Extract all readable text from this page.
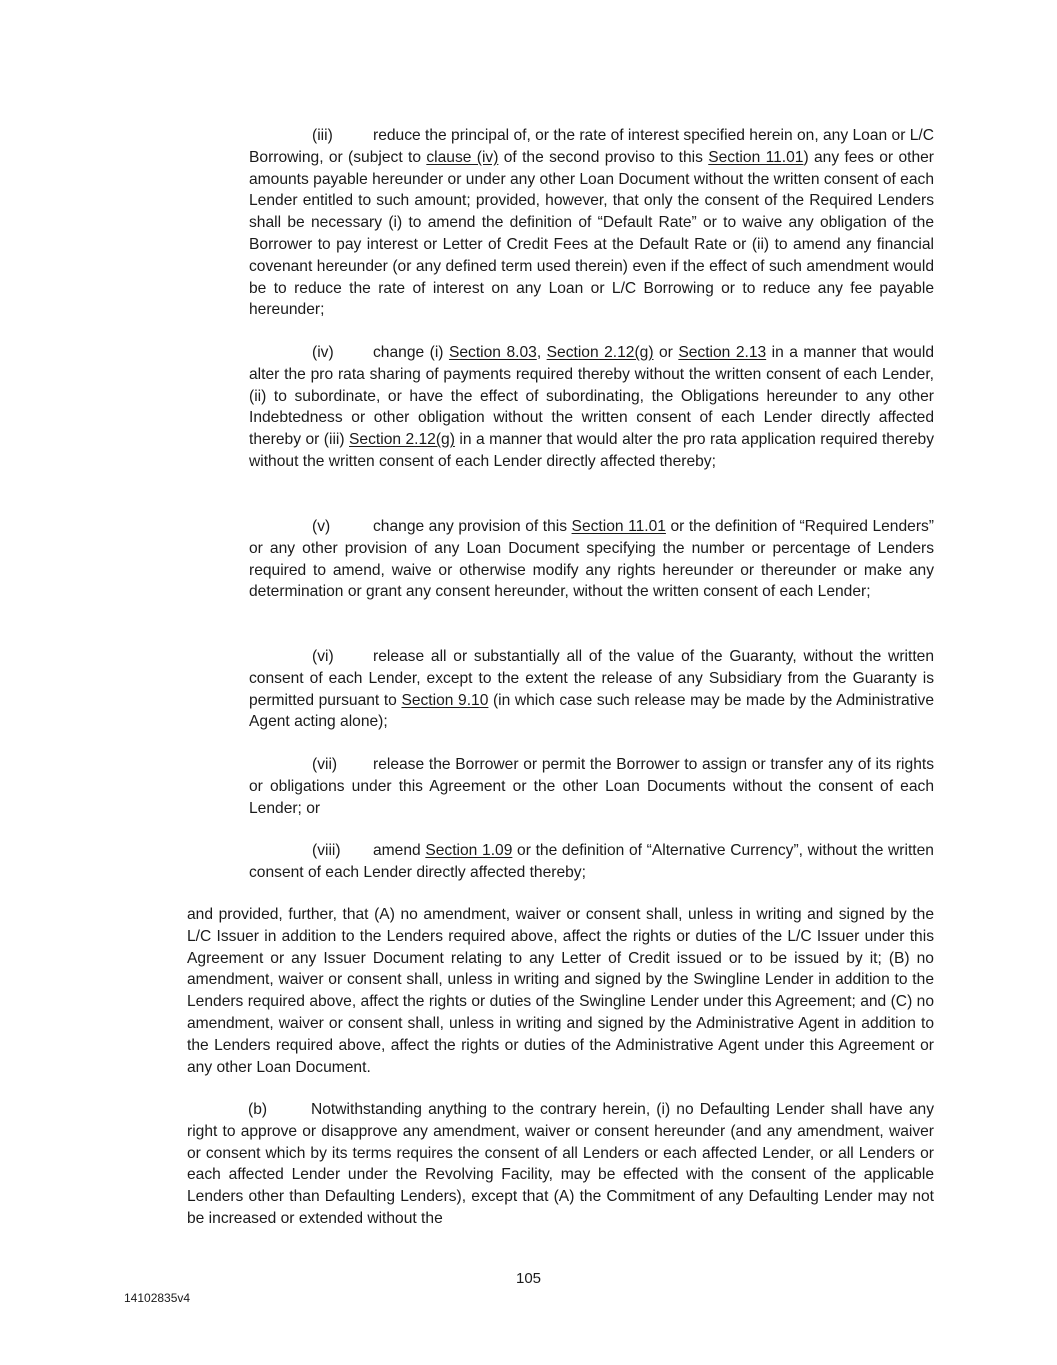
(iii)	reduce the principal of, or the rate of interest specified herein on, any Loan or L/C Borrowing, or (subject to clause (iv) of the second proviso to this Section 11.01) any fees or other amounts payable hereunder or under any other Loan Document without the written consent of each Lender entitled to such amount; provided, however, that only the consent of the Required Lenders shall be necessary (i) to amend the definition of “Default Rate” or to waive any obligation of the Borrower to pay interest or Letter of Credit Fees at the Default Rate or (ii) to amend any financial covenant hereunder (or any defined term used therein) even if the effect of such amendment would be to reduce the rate of interest on any Loan or L/C Borrowing or to reduce any fee payable hereunder;

(iv)	change (i) Section 8.03, Section 2.12(g) or Section 2.13 in a manner that would alter the pro rata sharing of payments required thereby without the written consent of each Lender, (ii) to subordinate, or have the effect of subordinating, the Obligations hereunder to any other Indebtedness or other obligation without the written consent of each Lender directly affected thereby or (iii) Section 2.12(g) in a manner that would alter the pro rata application required thereby without the written consent of each Lender directly affected thereby;

(v)	change any provision of this Section 11.01 or the definition of “Required Lenders” or any other provision of any Loan Document specifying the number or percentage of Lenders required to amend, waive or otherwise modify any rights hereunder or thereunder or make any determination or grant any consent hereunder, without the written consent of each Lender;

(vi)	release all or substantially all of the value of the Guaranty, without the written consent of each Lender, except to the extent the release of any Subsidiary from the Guaranty is permitted pursuant to Section 9.10 (in which case such release may be made by the Administrative Agent acting alone);

(vii) release the Borrower or permit the Borrower to assign or transfer any of its rights or obligations under this Agreement or the other Loan Documents without the consent of each Lender; or

(viii) amend Section 1.09 or the definition of “Alternative Currency”, without the written consent of each Lender directly affected thereby;

and provided, further, that (A) no amendment, waiver or consent shall, unless in writing and signed by the L/C Issuer in addition to the Lenders required above, affect the rights or duties of the L/C Issuer under this Agreement or any Issuer Document relating to any Letter of Credit issued or to be issued by it; (B) no amendment, waiver or consent shall, unless in writing and signed by the Swingline Lender in addition to the Lenders required above, affect the rights or duties of the Swingline Lender under this Agreement; and (C) no amendment, waiver or consent shall, unless in writing and signed by the Administrative Agent in addition to the Lenders required above, affect the rights or duties of the Administrative Agent under this Agreement or any other Loan Document.

(b)	Notwithstanding anything to the contrary herein, (i) no Defaulting Lender shall have any right to approve or disapprove any amendment, waiver or consent hereunder (and any amendment, waiver or consent which by its terms requires the consent of all Lenders or each affected Lender, or all Lenders or each affected Lender under the Revolving Facility, may be effected with the consent of the applicable Lenders other than Defaulting Lenders), except that (A) the Commitment of any Defaulting Lender may not be increased or extended without the

105
14102835v4
